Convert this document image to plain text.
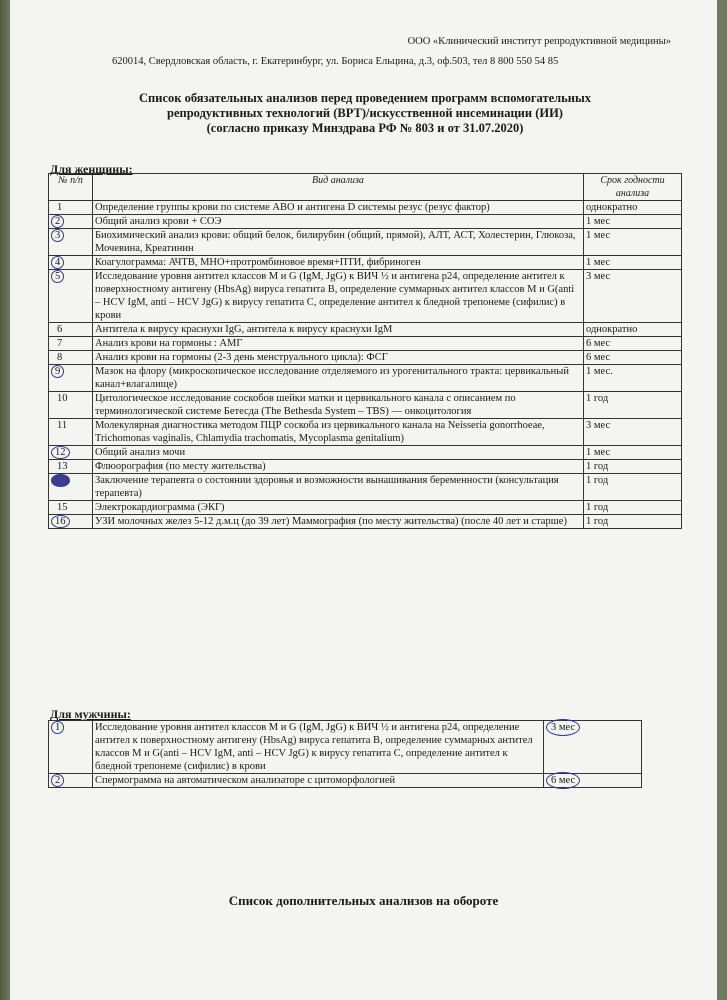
ООО «Клинический институт репродуктивной медицины»
620014, Свердловская область, г. Екатеринбург, ул. Бориса Ельцина, д.3, оф.503, тел 8 800 550 54 85
Список обязательных анализов перед проведением программ вспомогательных
репродуктивных технологий (ВРТ)/искусственной инсеминации (ИИ)
(согласно приказу Минздрава РФ № 803 и от 31.07.2020)
Для женщины:
№ п/п	Вид анализа	Срок годности анализа
1	Определение группы крови по системе АВО и антигена D системы резус (резус фактор)	однократно
2	Общий анализ крови + СОЭ	1 мес
3	Биохимический анализ крови: общий белок, билирубин (общий, прямой), АЛТ, АСТ, Холестерин, Глюкоза, Мочевина, Креатинин	1 мес
4	Коагулограмма: АЧТВ, МНО+протромбиновое время+ПТИ, фибриноген	1 мес
5	Исследование уровня антител классов M и G (IgM, JgG) к ВИЧ ½ и антигена p24, определение антител к поверхностному антигену (HbsAg) вируса гепатита В, определение суммарных антител классов M и G(anti – HCV IgM, anti – HCV JgG) к вирусу гепатита С, определение антител к бледной трепонеме (сифилис) в крови	3 мес
6	Антитела к вирусу краснухи IgG, антитела к вирусу краснухи IgM	однократно
7	Анализ крови на гормоны : АМГ	6 мес
8	Анализ крови на гормоны (2-3 день менструального цикла): ФСГ	6 мес
9	Мазок на флору (микроскопическое исследование отделяемого из урогенитального тракта: цервикальный канал+влагалище)	1 мес.
10	Цитологическое исследование соскобов шейки матки и цервикального канала с описанием по терминологической системе Бетесда (The Bethesda System – TBS) — онкоцитология	1 год
11	Молекулярная диагностика методом ПЦР соскоба из цервикального канала на Neisseria gonorrhoeae, Trichomonas vaginalis, Chlamydia trachomatis, Mycoplasma genitalium)	3 мес
12	Общий анализ мочи	1 мес
13	Флюорография (по месту жительства)	1 год
14	Заключение терапевта о состоянии здоровья и возможности вынашивания беременности (консультация терапевта)	1 год
15	Электрокардиограмма (ЭКГ)	1 год
16	УЗИ молочных желез 5-12 д.м.ц (до 39 лет) Маммография (по месту жительства) (после 40 лет и старше)	1 год
Для мужчины:
1	Исследование уровня антител классов M и G (IgM, JgG) к ВИЧ ½ и антигена p24, определение антител к поверхностному антигену (HbsAg) вируса гепатита В, определение суммарных антител классов M и G(anti – HCV IgM, anti – HCV JgG) к вирусу гепатита С, определение антител к бледной трепонеме (сифилис) в крови	3 мес
2	Спермограмма на автоматическом анализаторе с цитоморфологией	6 мес
Список дополнительных анализов на обороте
